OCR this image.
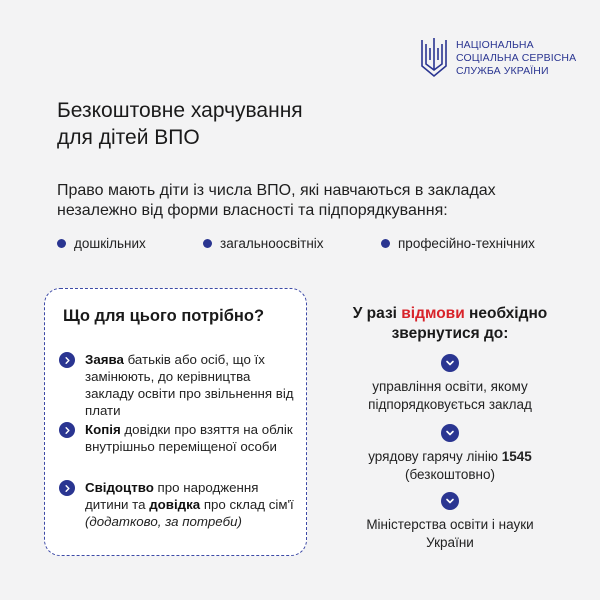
НАЦІОНАЛЬНА
СОЦІАЛЬНА СЕРВІСНА
СЛУЖБА УКРАЇНИ
Безкоштовне харчування
для дітей ВПО
Право мають діти із числа ВПО, які навчаються в закладах незалежно від форми власності та підпорядкування:
дошкільних	загальноосвітніх	професійно-технічних
Що для цього потрібно?
Заява батьків або осіб, що їх замінюють, до керівництва закладу освіти про звільнення від плати
Копія довідки про взяття на облік внутрішньо переміщеної особи
Свідоцтво про народження дитини та довідка про склад сім'ї (додатково, за потреби)
У разі відмови необхідно звернутися до:
управління освіти, якому підпорядковується заклад
урядову гарячу лінію 1545 (безкоштовно)
Міністерства освіти і науки України
